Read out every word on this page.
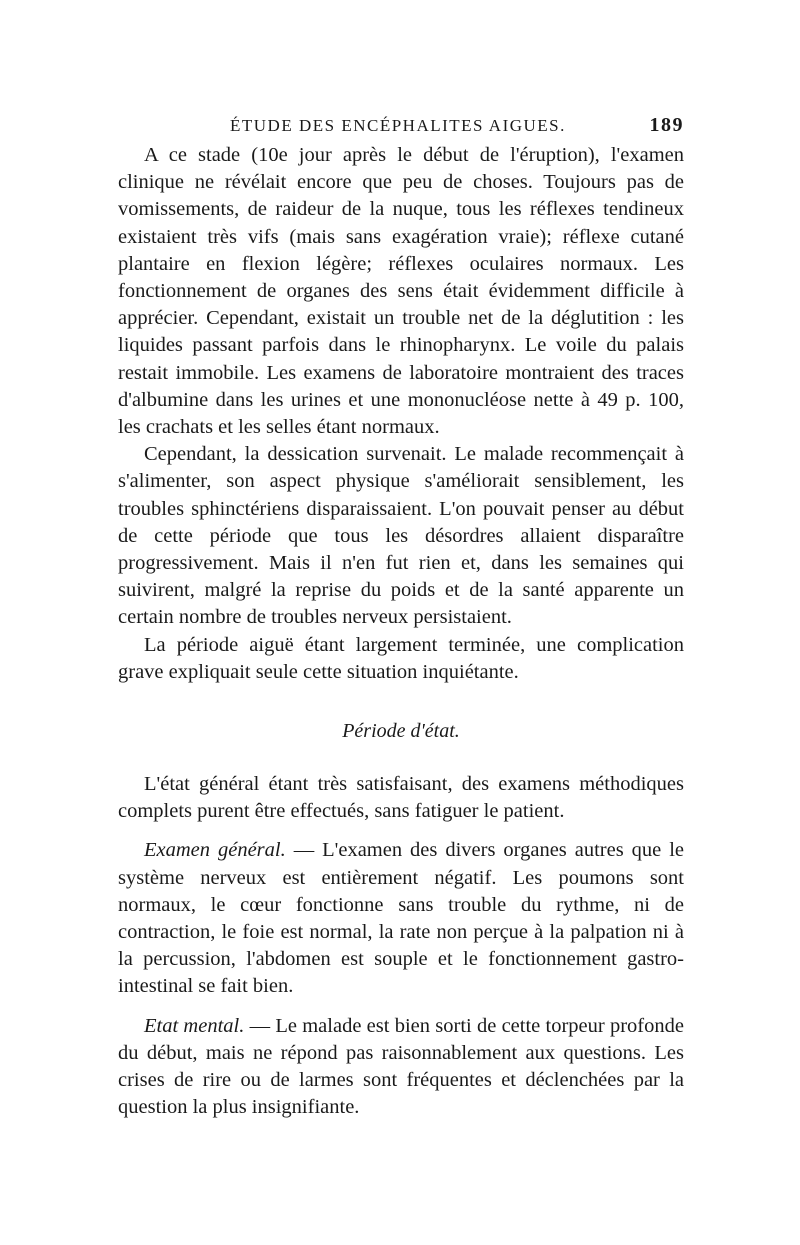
ÉTUDE DES ENCÉPHALITES AIGUES.	189

A ce stade (10e jour après le début de l'éruption), l'examen clinique ne révélait encore que peu de choses. Toujours pas de vomissements, de raideur de la nuque, tous les réflexes tendineux existaient très vifs (mais sans exagération vraie); réflexe cutané plantaire en flexion légère; réflexes oculaires normaux. Les fonctionnement de organes des sens était évidemment difficile à apprécier. Cependant, existait un trouble net de la déglutition : les liquides passant parfois dans le rhinopharynx. Le voile du palais restait immobile. Les examens de laboratoire montraient des traces d'albumine dans les urines et une mononucléose nette à 49 p. 100, les crachats et les selles étant normaux.

Cependant, la dessication survenait. Le malade recommençait à s'alimenter, son aspect physique s'améliorait sensiblement, les troubles sphinctériens disparaissaient. L'on pouvait penser au début de cette période que tous les désordres allaient disparaître progressivement. Mais il n'en fut rien et, dans les semaines qui suivirent, malgré la reprise du poids et de la santé apparente un certain nombre de troubles nerveux persistaient.

La période aiguë étant largement terminée, une complication grave expliquait seule cette situation inquiétante.

Période d'état.

L'état général étant très satisfaisant, des examens méthodiques complets purent être effectués, sans fatiguer le patient.

Examen général. — L'examen des divers organes autres que le système nerveux est entièrement négatif. Les poumons sont normaux, le cœur fonctionne sans trouble du rythme, ni de contraction, le foie est normal, la rate non perçue à la palpation ni à la percussion, l'abdomen est souple et le fonctionnement gastro-intestinal se fait bien.

Etat mental. — Le malade est bien sorti de cette torpeur profonde du début, mais ne répond pas raisonnablement aux questions. Les crises de rire ou de larmes sont fréquentes et déclenchées par la question la plus insignifiante.
